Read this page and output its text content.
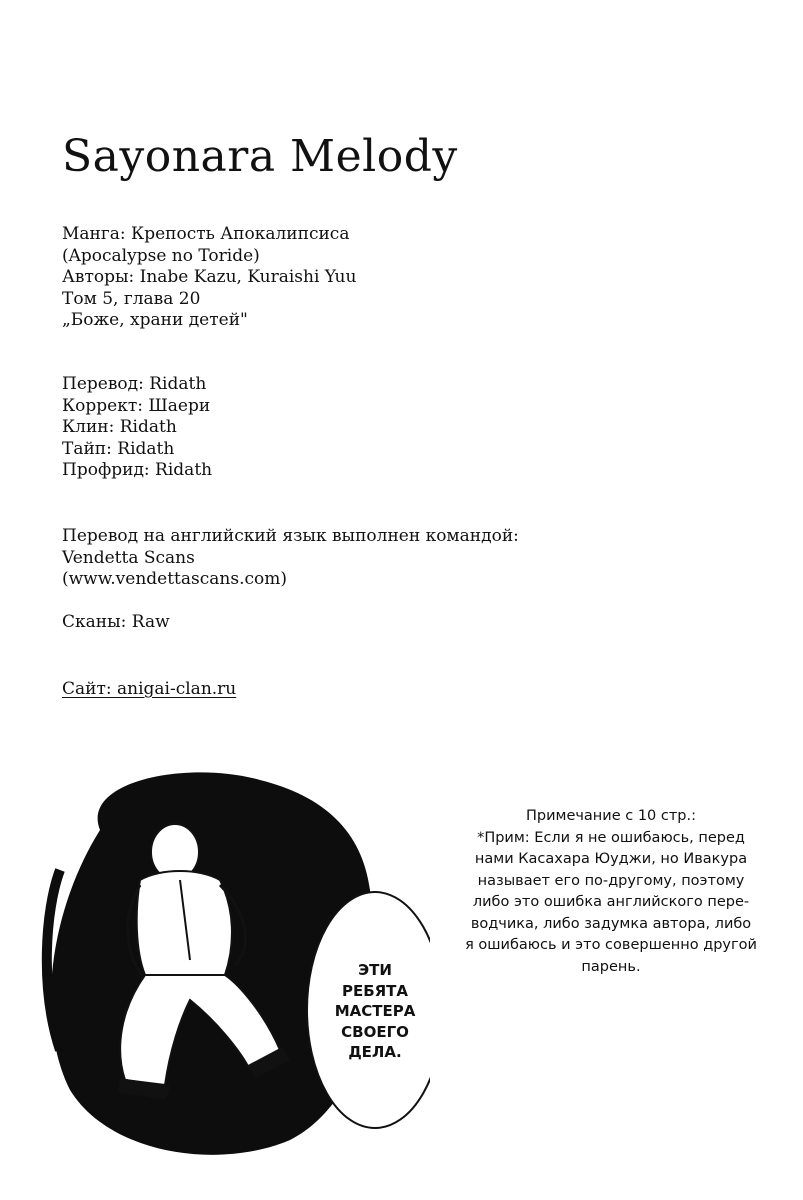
Sayonara Melody
Манга: Крепость Апокалипсиса
(Apocalypse no Toride)
Авторы: Inabe Kazu, Kuraishi Yuu
Том 5, глава 20
„Боже, храни детей"
Перевод: Ridath
Коррект: Шаери
Клин: Ridath
Тайп: Ridath
Профрид: Ridath
Перевод на английский язык выполнен командой:
Vendetta Scans
(www.vendettascans.com)
Сканы: Raw
Сайт: anigai-clan.ru
ЭТИ
РЕБЯТА
МАСТЕРА
СВОЕГО
ДЕЛА.
Примечание с 10 стр.:
*Прим: Если я не ошибаюсь, перед
нами Касахара Юуджи, но Ивакура
называет его по-другому, поэтому
либо это ошибка английского пере-
водчика, либо задумка автора, либо
я ошибаюсь и это совершенно другой
парень.
